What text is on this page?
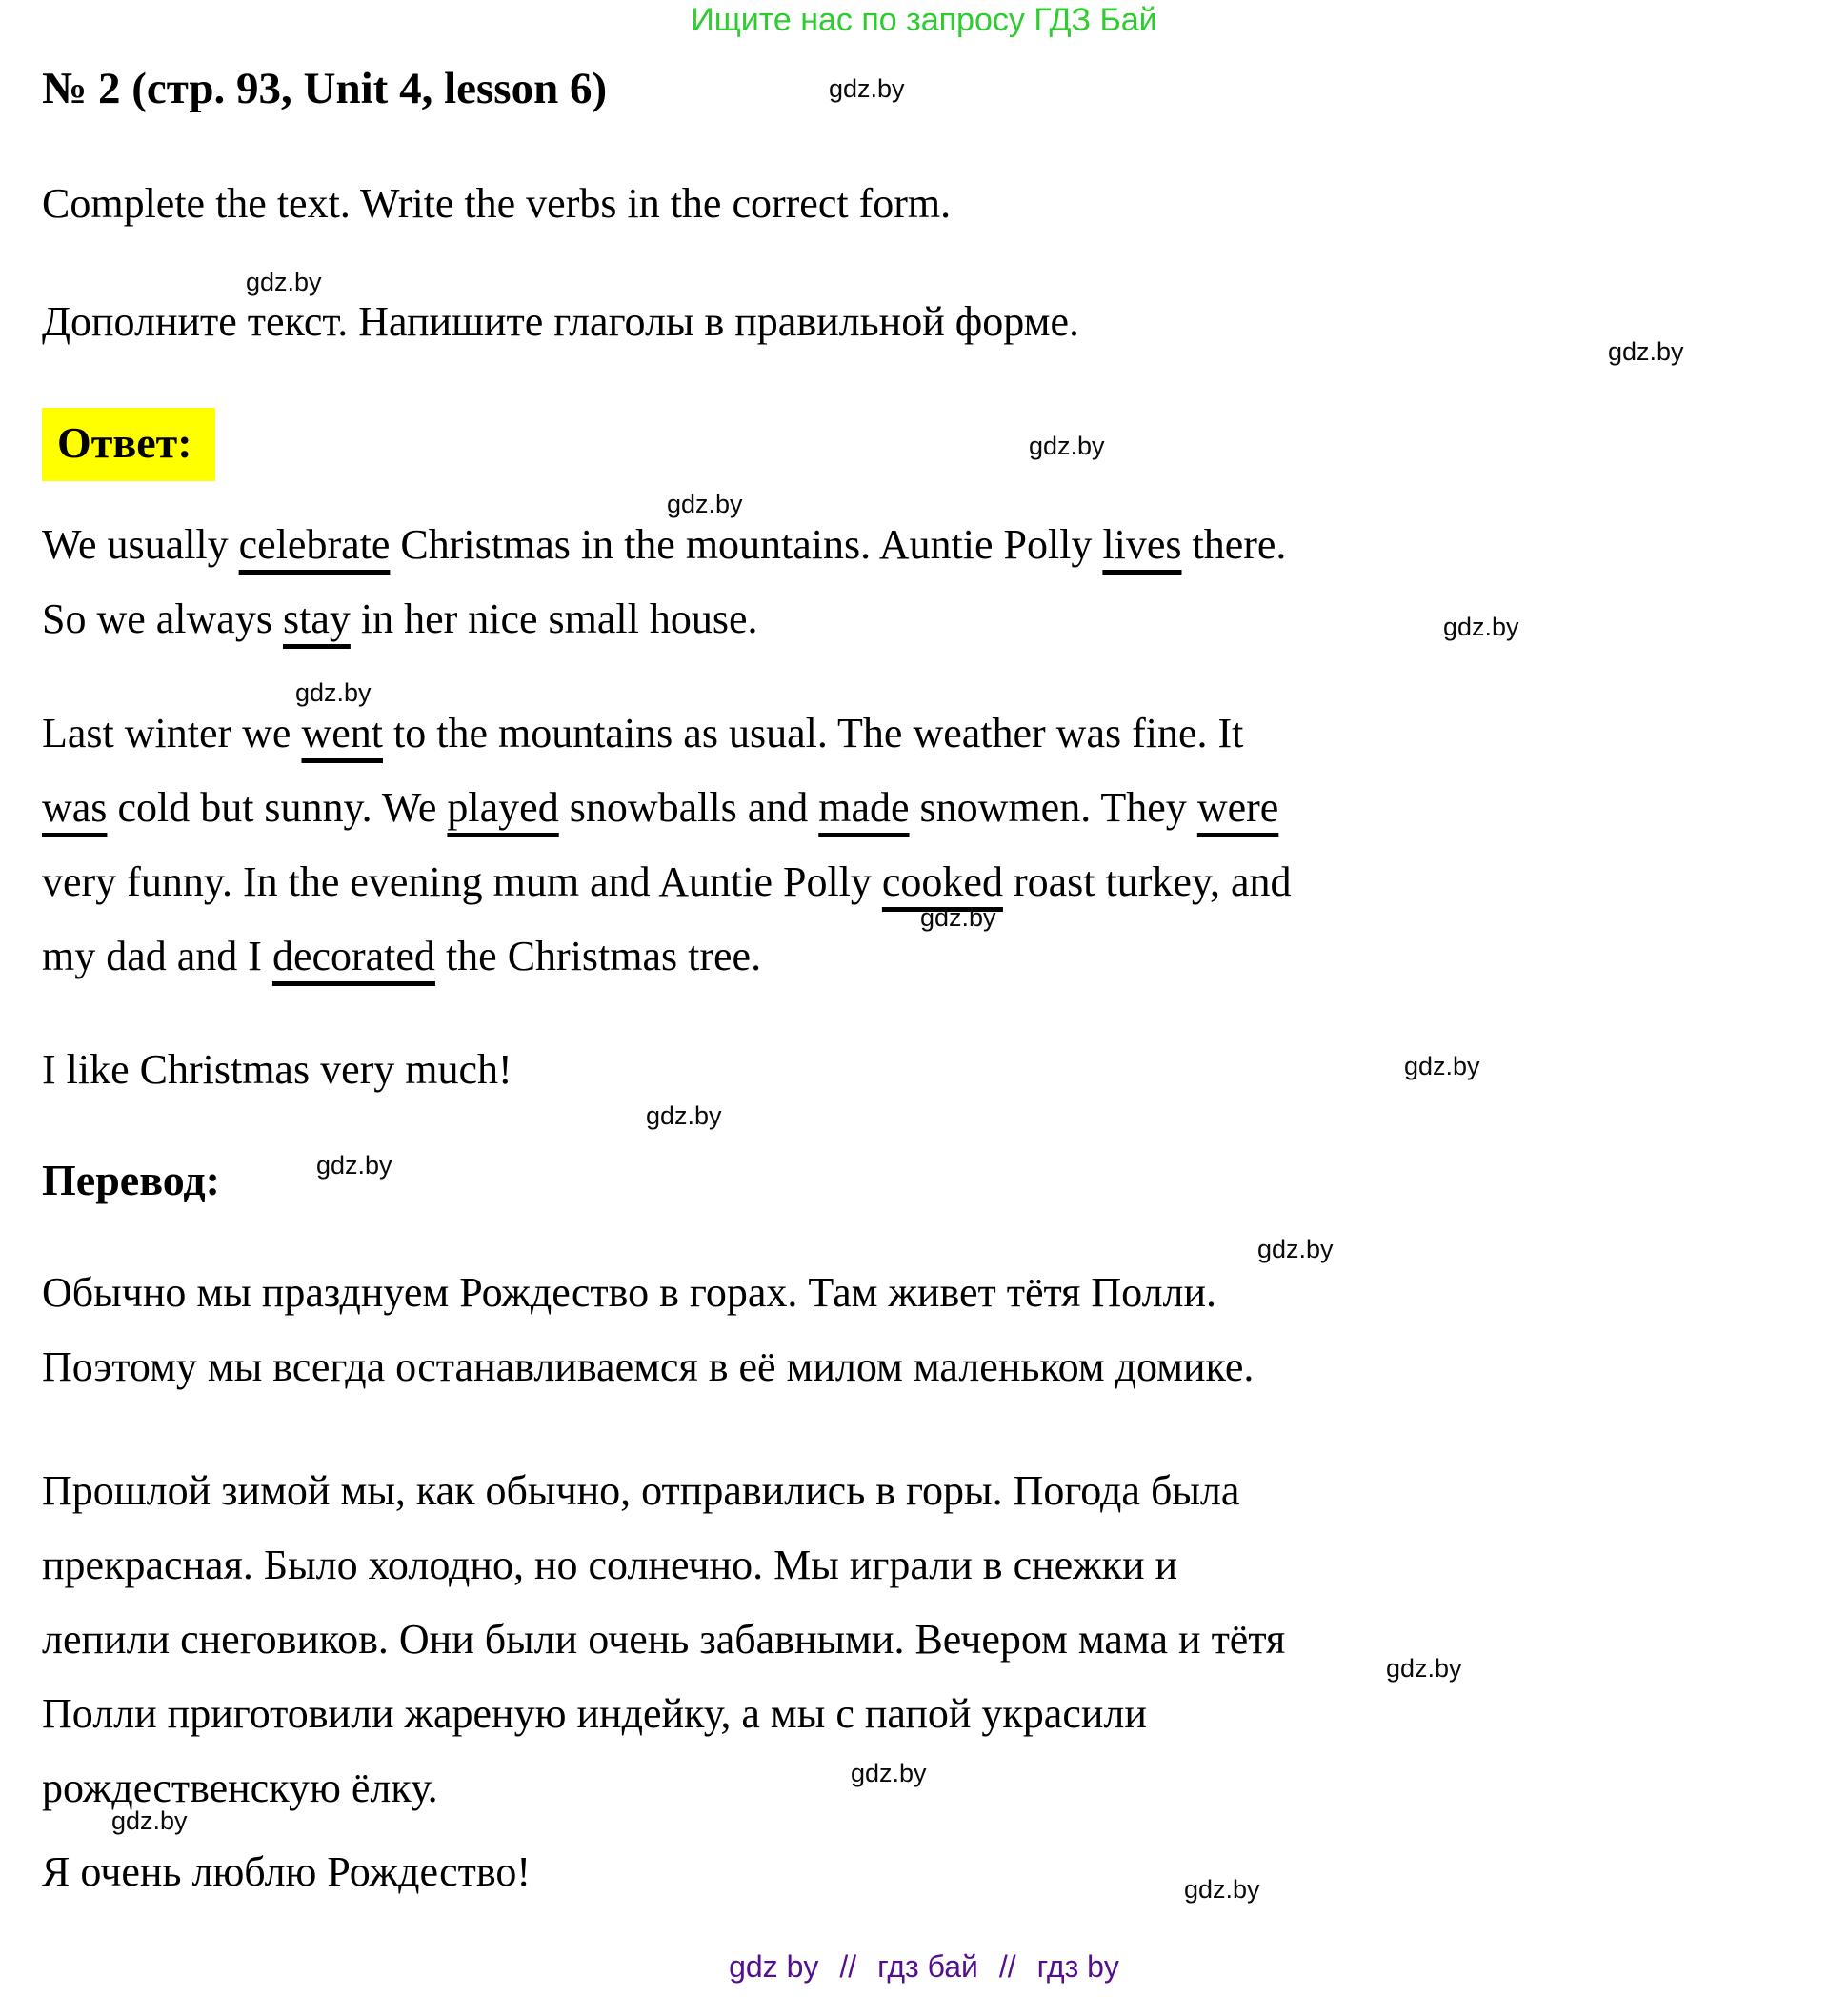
Ищите нас по запросу ГДЗ Бай
№ 2 (стр. 93, Unit 4, lesson 6)
Complete the text. Write the verbs in the correct form.
Дополните текст. Напишите глаголы в правильной форме.
Ответ:
Перевод:
gdz by // гдз бай // гдз by
We usually celebrate Christmas in the mountains. Auntie Polly lives there.
So we always stay in her nice small house.
Last winter we went to the mountains as usual. The weather was fine. It
was cold but sunny. We played snowballs and made snowmen. They were
very funny. In the evening mum and Auntie Polly cooked roast turkey, and
my dad and I decorated the Christmas tree.
I like Christmas very much!
Обычно мы празднуем Рождество в горах. Там живет тётя Полли.
Поэтому мы всегда останавливаемся в её милом маленьком домике.
Прошлой зимой мы, как обычно, отправились в горы. Погода была
прекрасная. Было холодно, но солнечно. Мы играли в снежки и
лепили снеговиков. Они были очень забавными. Вечером мама и тётя
Полли приготовили жареную индейку, а мы с папой украсили
рождественскую ёлку.
Я очень люблю Рождество!
gdz.by
gdz.by
gdz.by
gdz.by
gdz.by
gdz.by
gdz.by
gdz.by
gdz.by
gdz.by
gdz.by
gdz.by
gdz.by
gdz.by
gdz.by
gdz.by
